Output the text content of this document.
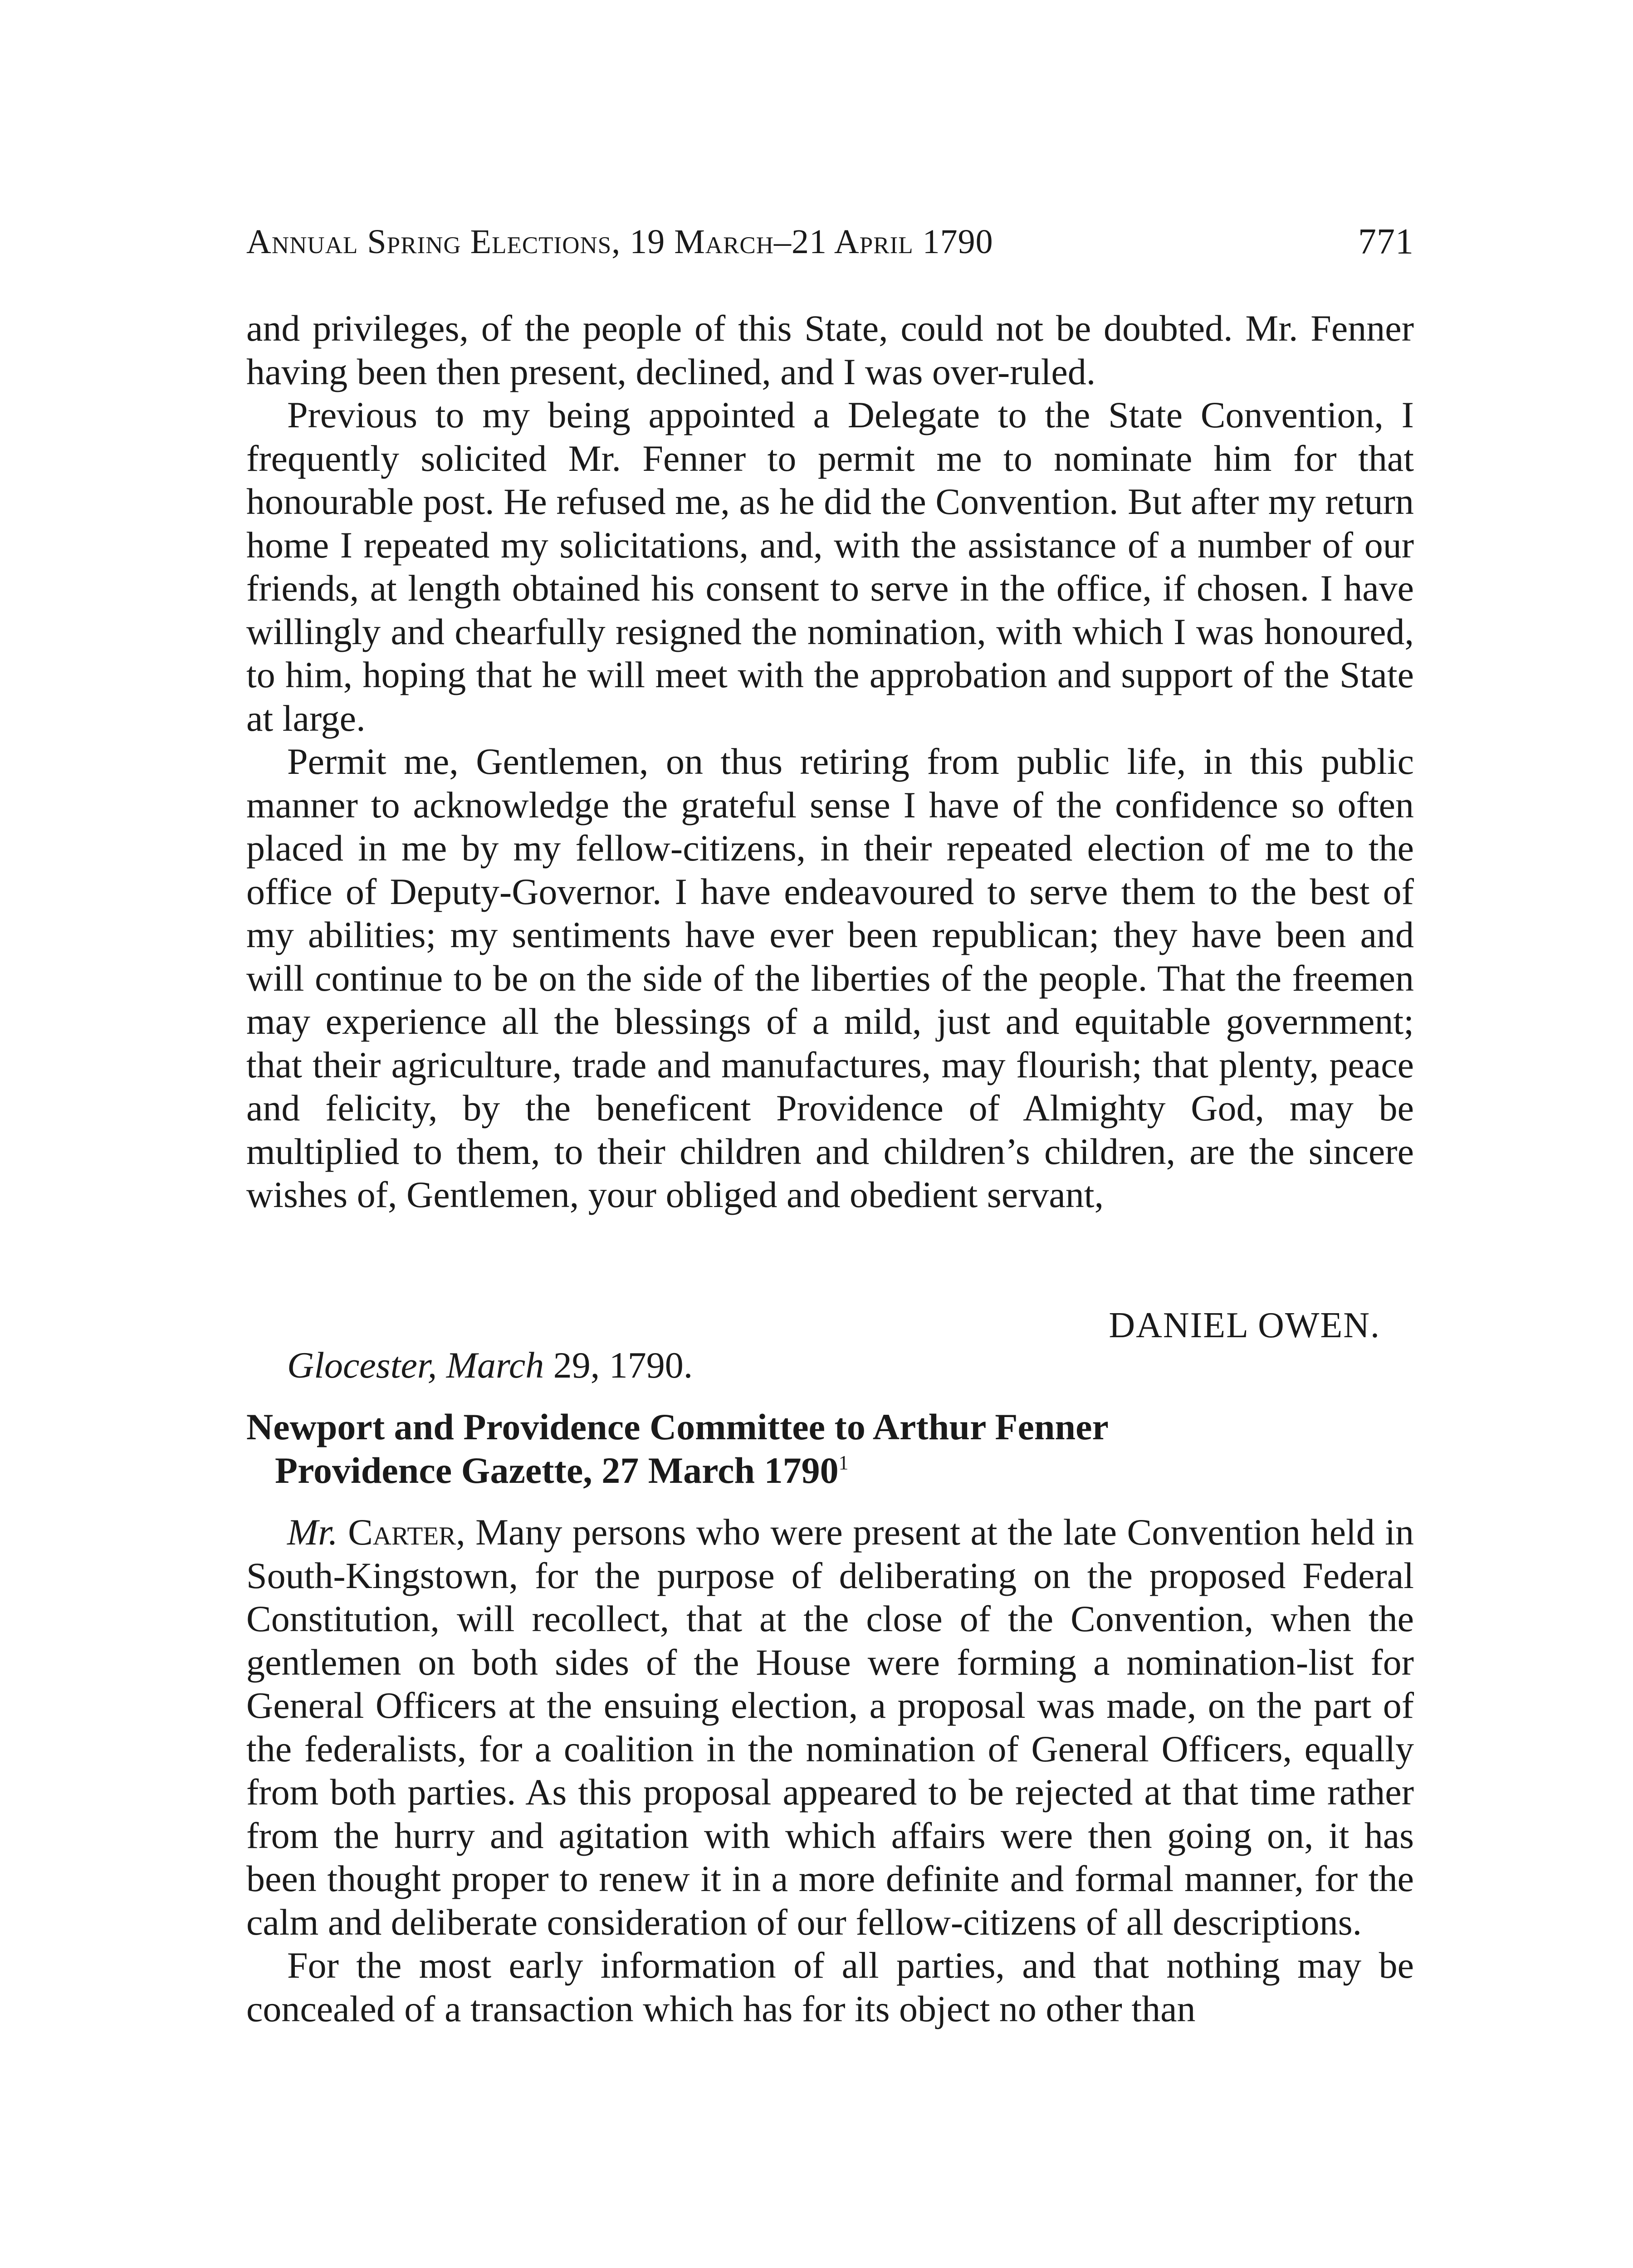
Annual Spring Elections, 19 March–21 April 1790	771

and privileges, of the people of this State, could not be doubted. Mr. Fenner having been then present, declined, and I was over-ruled.

Previous to my being appointed a Delegate to the State Convention, I frequently solicited Mr. Fenner to permit me to nominate him for that honourable post. He refused me, as he did the Convention. But after my return home I repeated my solicitations, and, with the assistance of a number of our friends, at length obtained his consent to serve in the office, if chosen. I have willingly and chearfully resigned the nomination, with which I was honoured, to him, hoping that he will meet with the approbation and support of the State at large.

Permit me, Gentlemen, on thus retiring from public life, in this public manner to acknowledge the grateful sense I have of the confidence so often placed in me by my fellow-citizens, in their repeated election of me to the office of Deputy-Governor. I have endeavoured to serve them to the best of my abilities; my sentiments have ever been republican; they have been and will continue to be on the side of the liberties of the people. That the freemen may experience all the blessings of a mild, just and equitable government; that their agriculture, trade and manufactures, may flourish; that plenty, peace and felicity, by the beneficent Providence of Almighty God, may be multiplied to them, to their children and children’s children, are the sincere wishes of, Gentlemen, your obliged and obedient servant,

DANIEL OWEN.
Glocester, March 29, 1790.
Newport and Providence Committee to Arthur Fenner
Providence Gazette, 27 March 1790$^1$

Mr. Carter, Many persons who were present at the late Convention held in South-Kingstown, for the purpose of deliberating on the proposed Federal Constitution, will recollect, that at the close of the Convention, when the gentlemen on both sides of the House were forming a nomination-list for General Officers at the ensuing election, a proposal was made, on the part of the federalists, for a coalition in the nomination of General Officers, equally from both parties. As this proposal appeared to be rejected at that time rather from the hurry and agitation with which affairs were then going on, it has been thought proper to renew it in a more definite and formal manner, for the calm and deliberate consideration of our fellow-citizens of all descriptions.

For the most early information of all parties, and that nothing may be concealed of a transaction which has for its object no other than
